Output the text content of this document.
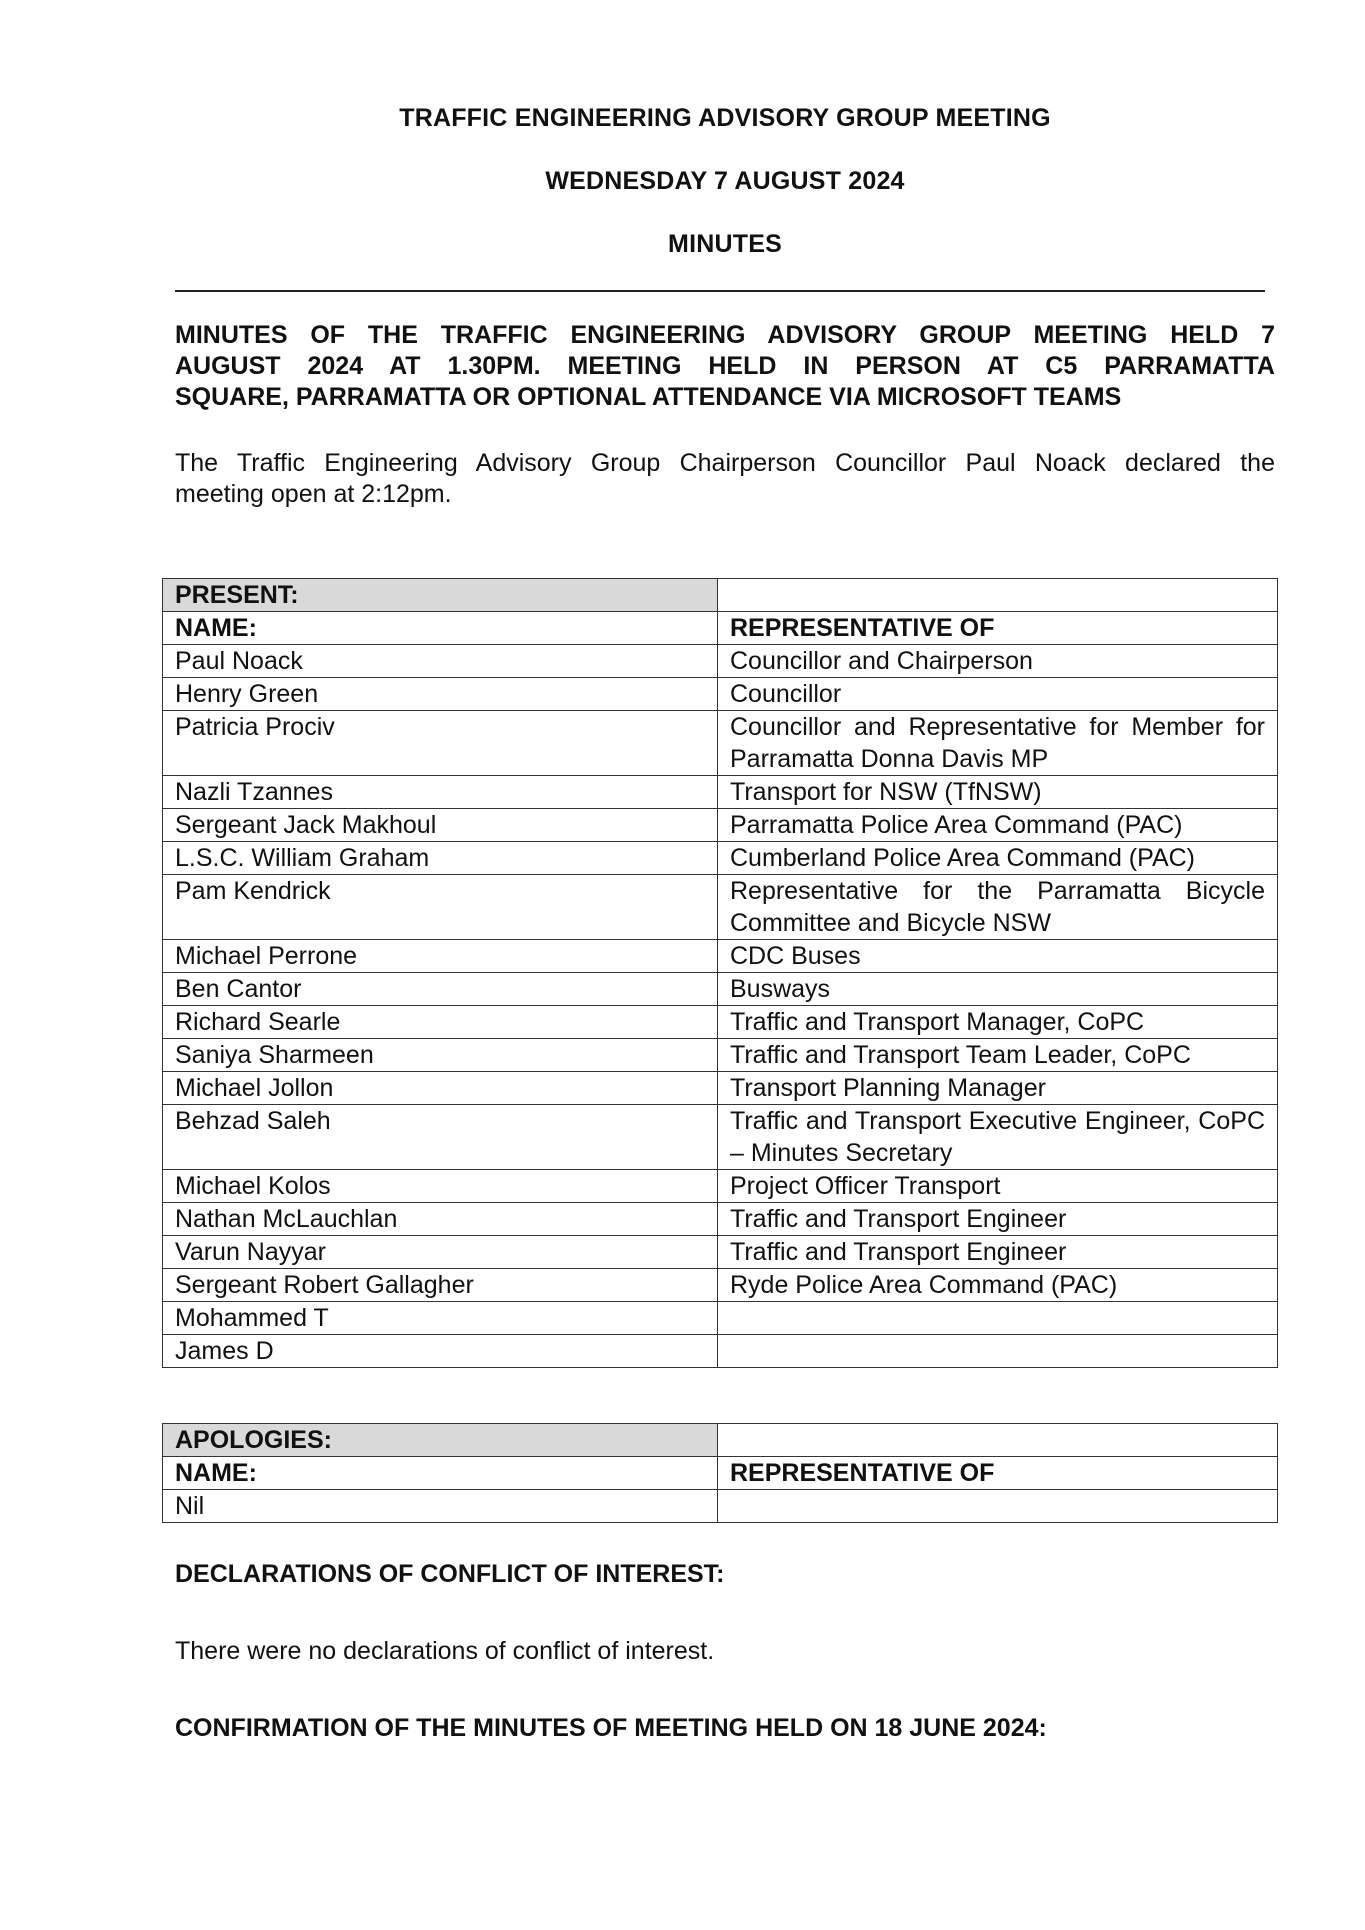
TRAFFIC ENGINEERING ADVISORY GROUP MEETING
WEDNESDAY 7 AUGUST 2024
MINUTES
MINUTES OF THE TRAFFIC ENGINEERING ADVISORY GROUP MEETING HELD 7
AUGUST 2024 AT 1.30PM. MEETING HELD IN PERSON AT C5 PARRAMATTA
SQUARE, PARRAMATTA OR OPTIONAL ATTENDANCE VIA MICROSOFT TEAMS
The Traffic Engineering Advisory Group Chairperson Councillor Paul Noack declared the
meeting open at 2:12pm.
PRESENT:	
NAME:	REPRESENTATIVE OF
Paul Noack	Councillor and Chairperson
Henry Green	Councillor
Patricia Prociv	Councillor and Representative for Member for Parramatta Donna Davis MP
Nazli Tzannes	Transport for NSW (TfNSW)
Sergeant Jack Makhoul	Parramatta Police Area Command (PAC)
L.S.C. William Graham	Cumberland Police Area Command (PAC)
Pam Kendrick	Representative for the Parramatta Bicycle Committee and Bicycle NSW
Michael Perrone	CDC Buses
Ben Cantor	Busways
Richard Searle	Traffic and Transport Manager, CoPC
Saniya Sharmeen	Traffic and Transport Team Leader, CoPC
Michael Jollon	Transport Planning Manager
Behzad Saleh	Traffic and Transport Executive Engineer, CoPC – Minutes Secretary
Michael Kolos	Project Officer Transport
Nathan McLauchlan	Traffic and Transport Engineer
Varun Nayyar	Traffic and Transport Engineer
Sergeant Robert Gallagher	Ryde Police Area Command (PAC)
Mohammed T	
James D	
APOLOGIES:	
NAME:	REPRESENTATIVE OF
Nil	
DECLARATIONS OF CONFLICT OF INTEREST:
There were no declarations of conflict of interest.
CONFIRMATION OF THE MINUTES OF MEETING HELD ON 18 JUNE 2024:
